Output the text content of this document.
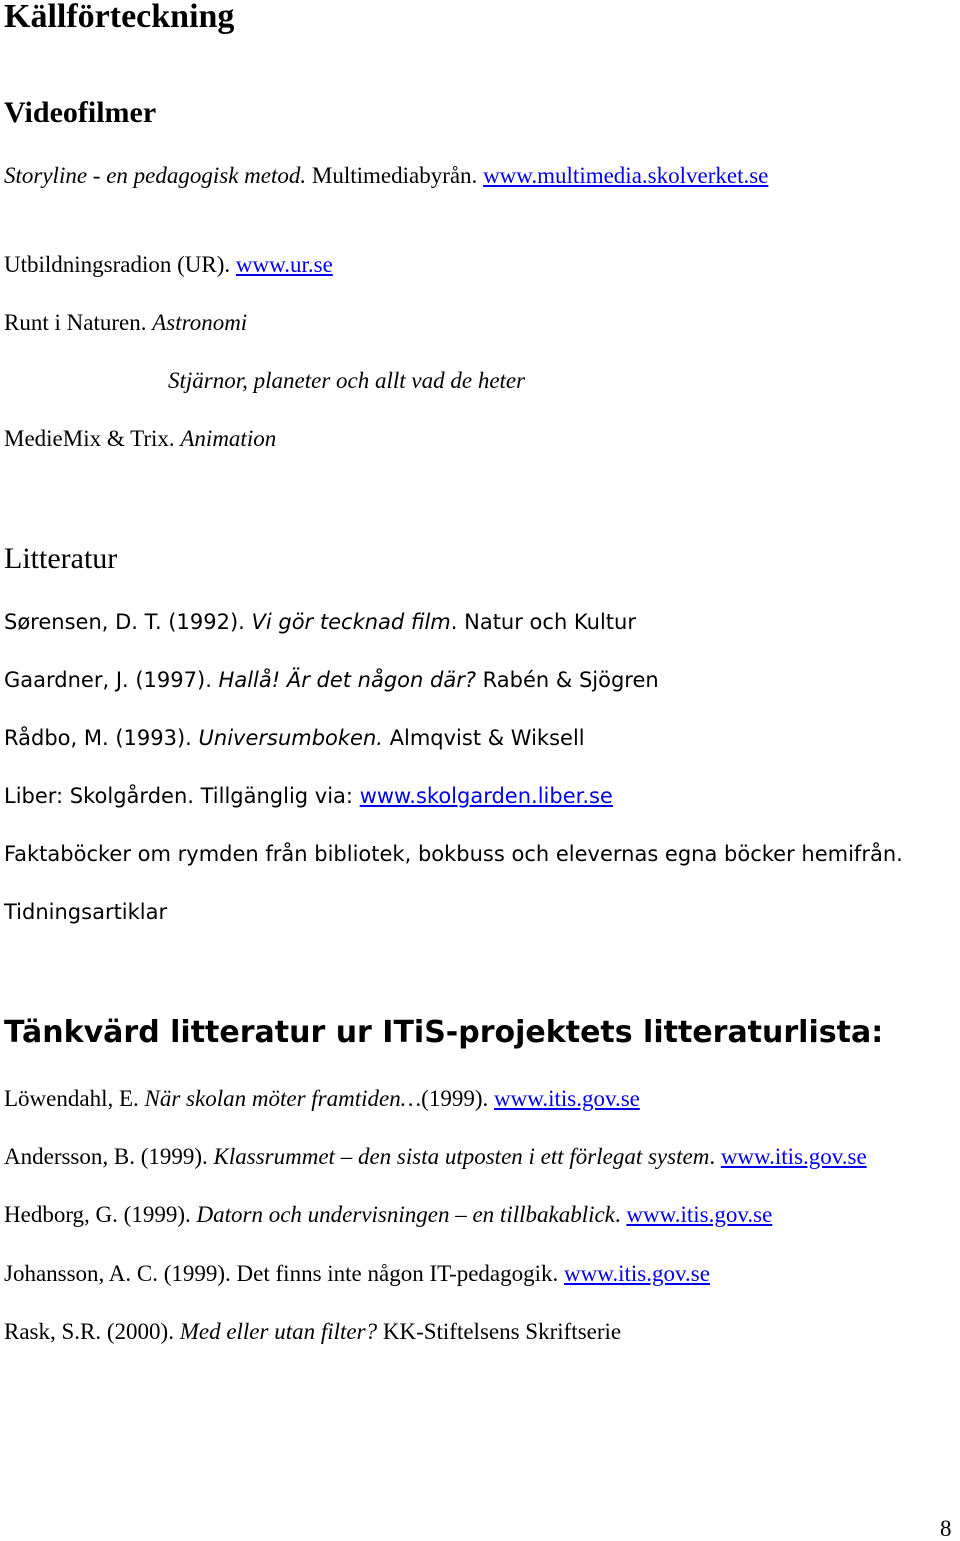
Källförteckning
Videofilmer
Storyline - en pedagogisk metod. Multimediabyrån. www.multimedia.skolverket.se
Utbildningsradion (UR). www.ur.se
Runt i Naturen. Astronomi
Stjärnor, planeter och allt vad de heter
MedieMix & Trix. Animation
Litteratur
Sørensen, D. T. (1992). Vi gör tecknad film. Natur och Kultur
Gaardner, J. (1997). Hallå! Är det någon där? Rabén & Sjögren
Rådbo, M. (1993). Universumboken. Almqvist & Wiksell
Liber: Skolgården. Tillgänglig via: www.skolgarden.liber.se
Faktaböcker om rymden från bibliotek, bokbuss och elevernas egna böcker hemifrån.
Tidningsartiklar
Tänkvärd litteratur ur ITiS-projektets litteraturlista:
Löwendahl, E. När skolan möter framtiden…(1999). www.itis.gov.se
Andersson, B. (1999). Klassrummet – den sista utposten i ett förlegat system. www.itis.gov.se
Hedborg, G. (1999). Datorn och undervisningen – en tillbakablick. www.itis.gov.se
Johansson, A. C. (1999). Det finns inte någon IT-pedagogik. www.itis.gov.se
Rask, S.R. (2000). Med eller utan filter? KK-Stiftelsens Skriftserie
8
